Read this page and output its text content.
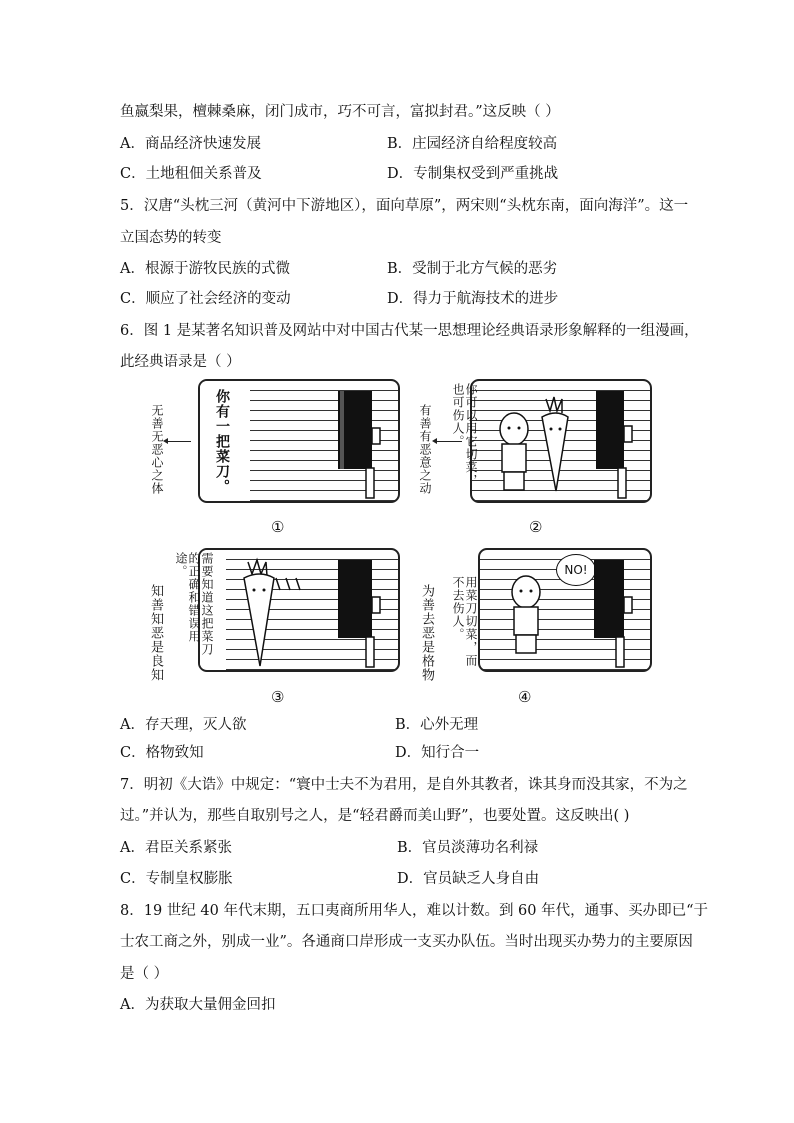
鱼嬴梨果，檀棘桑麻，闭门成市，巧不可言，富拟封君。”这反映（ ）
A．商品经济快速发展	B．庄园经济自给程度较高
C．土地租佃关系普及	D．专制集权受到严重挑战
5．汉唐“头枕三河（黄河中下游地区），面向草原”，两宋则“头枕东南，面向海洋”。这一
立国态势的转变
A．根源于游牧民族的式微	B．受制于北方气候的恶劣
C．顺应了社会经济的变动	D．得力于航海技术的进步
6．图 1 是某著名知识普及网站中对中国古代某一思想理论经典语录形象解释的一组漫画，
此经典语录是（ ）
无善无恶心之体	你有一把菜刀。
①
有善有恶意之动	你可以用它切菜，也可伤人。
②
知善知恶是良知	需要知道这把菜刀的正确和错误用途。
③
为善去恶是格物
NO!
用菜刀切菜，而不去伤人。
④
A．存天理，灭人欲	B．心外无理
C．格物致知	D．知行合一
7．明初《大诰》中规定：“寰中士夫不为君用，是自外其教者，诛其身而没其家，不为之
过。”并认为，那些自取别号之人，是“轻君爵而美山野”，也要处置。这反映出( )
A．君臣关系紧张	B．官员淡薄功名利禄
C．专制皇权膨胀	D．官员缺乏人身自由
8．19 世纪 40 年代末期，五口夷商所用华人，难以计数。到 60 年代，通事、买办即已“于
士农工商之外，别成一业”。各通商口岸形成一支买办队伍。当时出现买办势力的主要原因
是（ ）
A．为获取大量佣金回扣
